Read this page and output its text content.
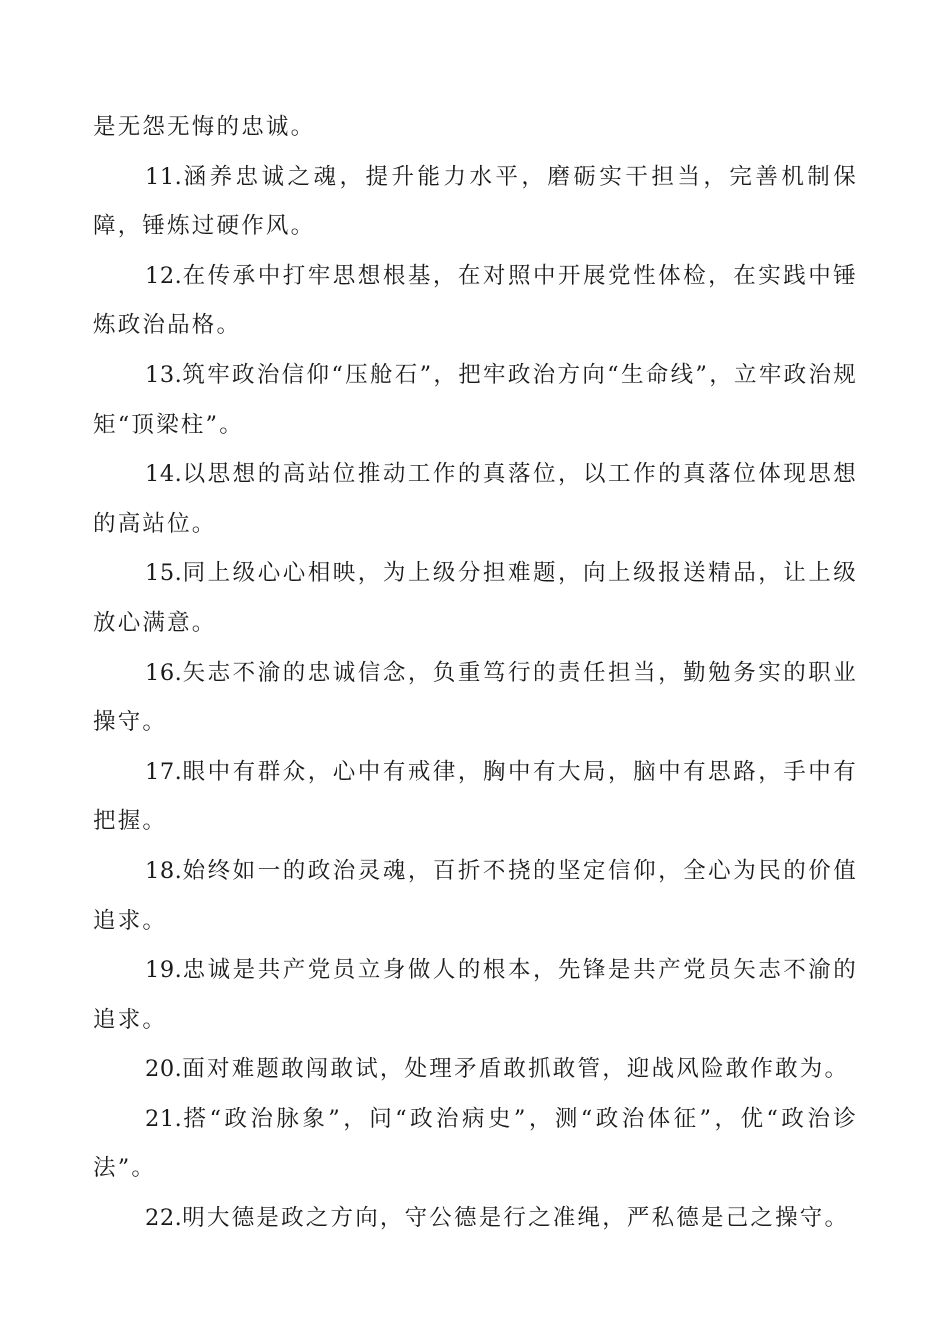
是无怨无悔的忠诚。

11.涵养忠诚之魂，提升能力水平，磨砺实干担当，完善机制保障，锤炼过硬作风。

12.在传承中打牢思想根基，在对照中开展党性体检，在实践中锤炼政治品格。

13.筑牢政治信仰“压舱石”，把牢政治方向“生命线”，立牢政治规矩“顶梁柱”。

14.以思想的高站位推动工作的真落位，以工作的真落位体现思想的高站位。

15.同上级心心相映，为上级分担难题，向上级报送精品，让上级放心满意。

16.矢志不渝的忠诚信念，负重笃行的责任担当，勤勉务实的职业操守。

17.眼中有群众，心中有戒律，胸中有大局，脑中有思路，手中有把握。

18.始终如一的政治灵魂，百折不挠的坚定信仰，全心为民的价值追求。

19.忠诚是共产党员立身做人的根本，先锋是共产党员矢志不渝的追求。

20.面对难题敢闯敢试，处理矛盾敢抓敢管，迎战风险敢作敢为。

21.搭“政治脉象”，问“政治病史”，测“政治体征”，优“政治诊法”。

22.明大德是政之方向，守公德是行之准绳，严私德是己之操守。
